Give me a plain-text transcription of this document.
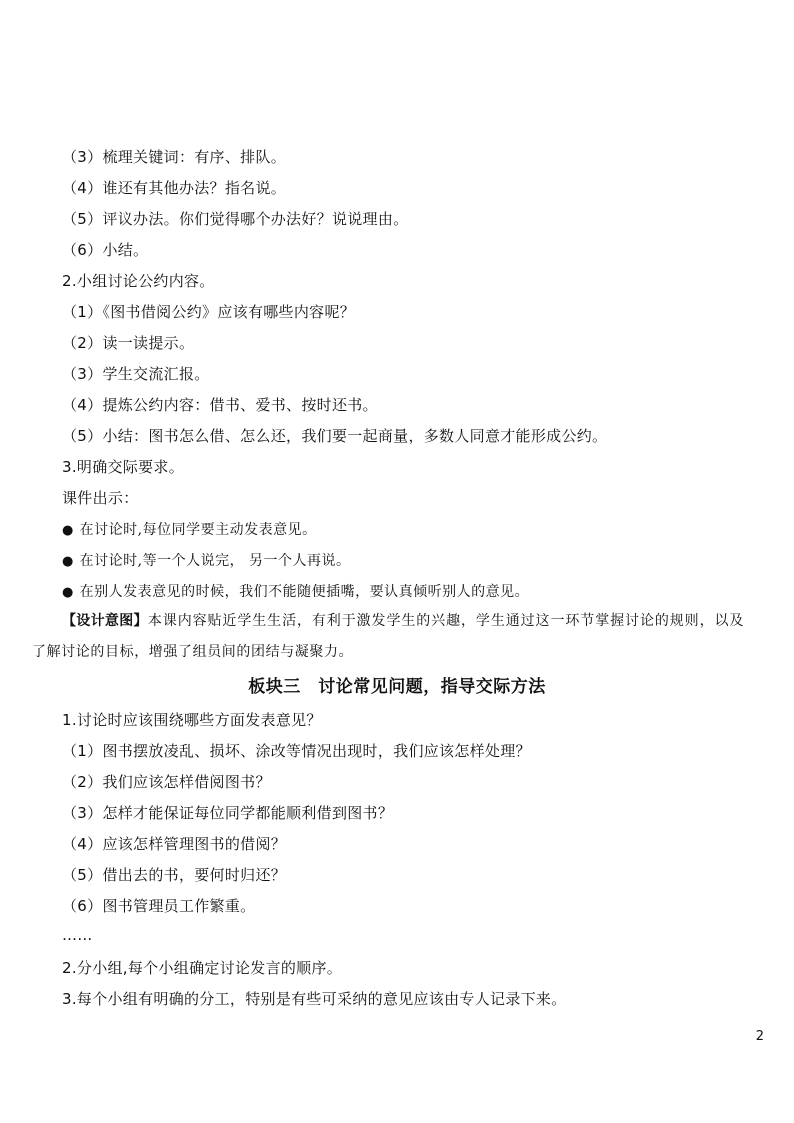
（3）梳理关键词：有序、排队。
（4）谁还有其他办法？指名说。
（5）评议办法。你们觉得哪个办法好？说说理由。
（6）小结。
2.小组讨论公约内容。
（1）《图书借阅公约》应该有哪些内容呢？
（2）读一读提示。
（3）学生交流汇报。
（4）提炼公约内容：借书、爱书、按时还书。
（5）小结：图书怎么借、怎么还，我们要一起商量，多数人同意才能形成公约。
3.明确交际要求。
课件出示：
● 在讨论时,每位同学要主动发表意见。
● 在讨论时,等一个人说完， 另一个人再说。
● 在别人发表意见的时候，我们不能随便插嘴，要认真倾听别人的意见。
【设计意图】本课内容贴近学生生活，有利于激发学生的兴趣，学生通过这一环节掌握讨论的规则，以及了解讨论的目标，增强了组员间的团结与凝聚力。
板块三　讨论常见问题，指导交际方法
1.讨论时应该围绕哪些方面发表意见？
（1）图书摆放凌乱、损坏、涂改等情况出现时，我们应该怎样处理？
（2）我们应该怎样借阅图书？
（3）怎样才能保证每位同学都能顺利借到图书？
（4）应该怎样管理图书的借阅？
（5）借出去的书，要何时归还？
（6）图书管理员工作繁重。
……
2.分小组,每个小组确定讨论发言的顺序。
3.每个小组有明确的分工，特别是有些可采纳的意见应该由专人记录下来。
2
